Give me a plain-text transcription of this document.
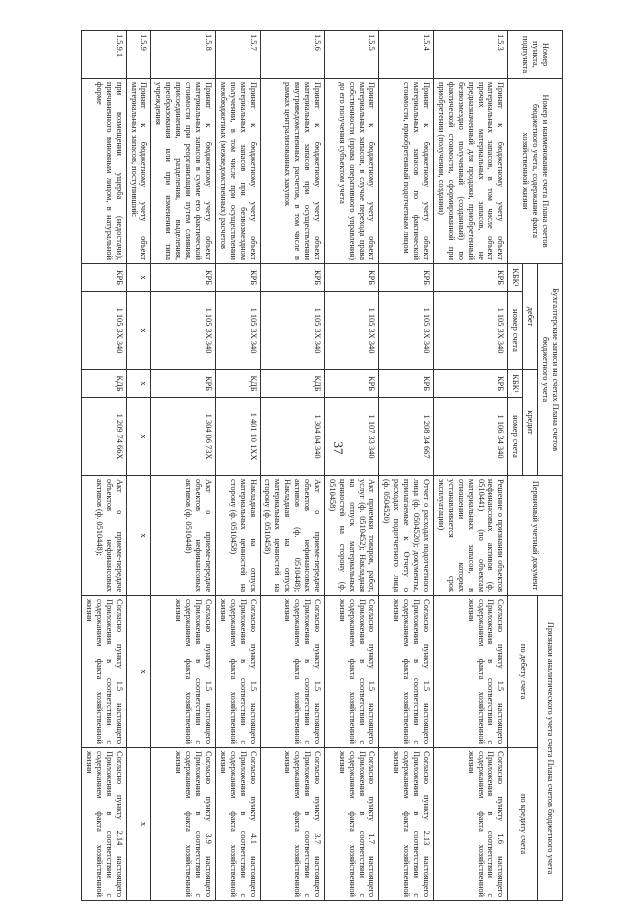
37
Номер пункта, подпункта	Номер и наименование счета Плана счетов бюджетного учета, содержание факта хозяйственной жизни	Бухгалтерские записи на счетах Плана счетов бюджетного учета				Первичный учетный документ	Признаки аналитического учета счета Плана счетов бюджетного учета	
		дебет		кредит			по дебету счета	по кредиту счета
		КБК¹	номер счета	КБК¹	номер счета			
1.5.3	Принят к бюджетному учету объект материальных запасов, в том числе объект прочих материальных запасов, не предназначенный для продажи, приобретенный безвозмездно полученный (созданный) по фактической стоимости, сформированной при приобретении (получении, создании)	КРБ	1 105 3Х 340	КРБ	1 106 34 340	Решение о признании объектов нефинансовых активов (ф. 0510441) (по объектам материальных запасов, в отношении которых устанавливается срок эксплуатации)	Согласно пункту 1.5 настоящего Приложения в соответствии с содержанием факта хозяйственной жизни	Согласно пункту 1.6 настоящего Приложения в соответствии с содержанием факта хозяйственной жизни
1.5.4	Принят к бюджетному учету объект материальных запасов по фактической стоимости, приобретенный подотчетным лицом	КРБ	1 105 3Х 340	КРБ	1 208 34 667	Отчет о расходах подотчетного лица (ф. 0504520); документы, прилагаемые к Отчету о расходах подотчетного лица (ф. 0504520)	Согласно пункту 1.5 настоящего Приложения в соответствии с содержанием факта хозяйственной жизни	Согласно пункту 2.13 настоящего Приложения в соответствии с содержанием факта хозяйственной жизни
1.5.5	Принят к бюджетному учету объект материальных запасов, в случае перехода права собственности (права оперативного управления) до его получения субъектом учета	КРБ	1 105 3Х 340	КРБ	1 107 33 340	Акт приемки товаров, работ, услуг (ф. 0510452); Накладная на отпуск материальных ценностей на сторону (ф. 0510458)	Согласно пункту 1.5 настоящего Приложения в соответствии с содержанием факта хозяйственной жизни	Согласно пункту 1.7 настоящего Приложения в соответствии с содержанием факта хозяйственной жизни
1.5.6	Принят к бюджетному учету объект материальных запасов при осуществлении внутриведомственных расчетов, в том числе в рамках централизованных закупок	КРБ	1 105 3Х 340	КДБ	1 304 04 340	Акт о приеме-передаче объектов нефинансовых активов (ф. 0510448); Накладная на отпуск материальных ценностей на сторону (ф. 0510458)	Согласно пункту 1.5 настоящего Приложения в соответствии с содержанием факта хозяйственной жизни	Согласно пункту 3.7 настоящего Приложения в соответствии с содержанием факта хозяйственной жизни
1.5.7	Принят к бюджетному учету объект материальных запасов при безвозмездном получении, в том числе при осуществлении межбюджетных (межведомственных) расчетов	КРБ	1 105 3Х 340	КДБ	1 401 10 1ХХ	Накладная на отпуск материальных ценностей на сторону (ф. 0510458)	Согласно пункту 1.5 настоящего Приложения в соответствии с содержанием факта хозяйственной жизни	Согласно пункту 4.1 настоящего Приложения в соответствии с содержанием факта хозяйственной жизни
1.5.8	Принят к бюджетному учету объект материальных запасов в сумме его фактической стоимости при реорганизации путем слияния, присоединения, разделения, выделения, преобразования или при изменении типа учреждения	КРБ	1 105 3Х 340	КРБ	1 304 06 73Х	Акт о приеме-передаче объектов нефинансовых активов (ф. 0510448)	Согласно пункту 1.5 настоящего Приложения в соответствии с содержанием факта хозяйственной жизни	Согласно пункту 3.9 настоящего Приложения в соответствии с содержанием факта хозяйственной жизни
1.5.9	Принят к бюджетному учету объект материальных запасов, поступивший:	х	х	х	х	х	х	х
1.5.9.1	при возмещении ущерба (недостачи), причиненного виновным лицом, в натуральной форме	КРБ	1 105 3Х 340	КДБ	1 209 74 66Х	Акт о приеме-передаче объектов нефинансовых активов (ф. 0510448);	Согласно пункту 1.5 настоящего Приложения в соответствии с содержанием факта хозяйственной жизни	Согласно пункту 2.14 настоящего Приложения в соответствии с содержанием факта хозяйственной жизни
